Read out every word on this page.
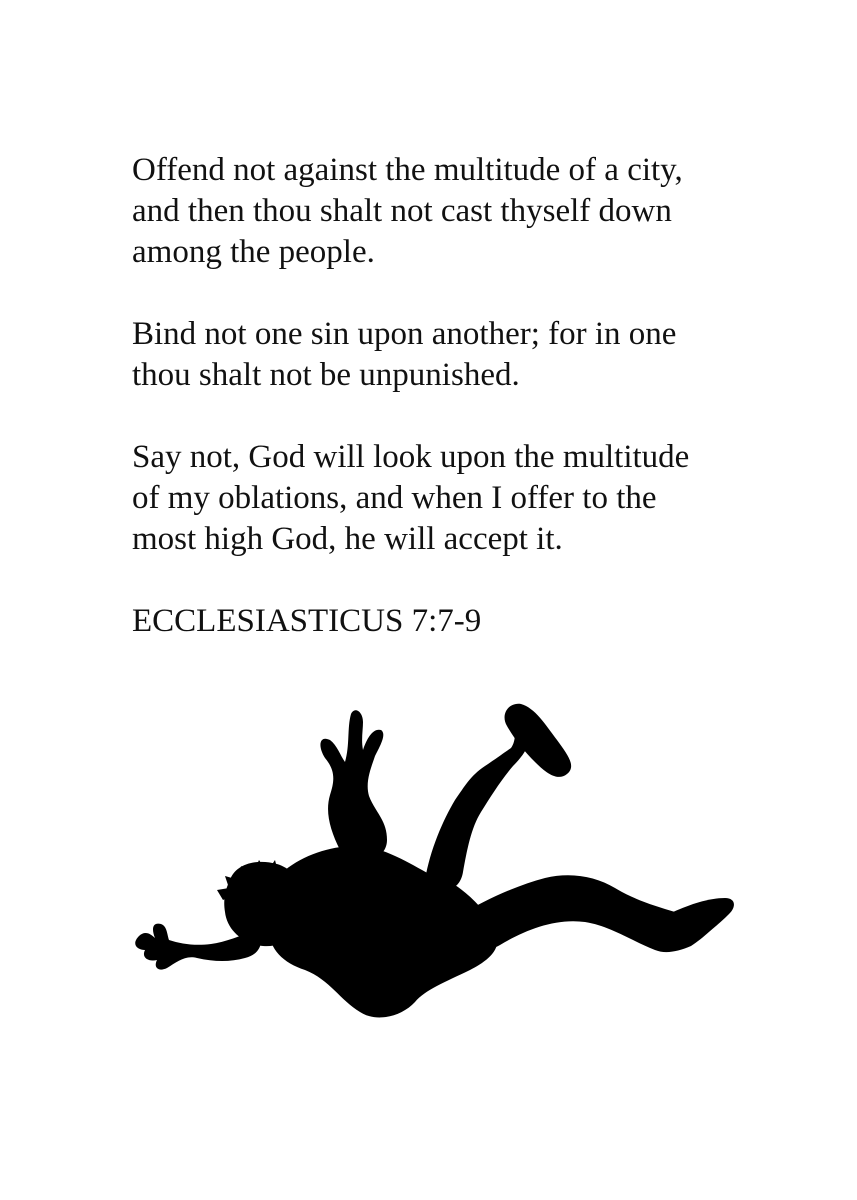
Offend not against the multitude of a city,
and then thou shalt not cast thyself down
among the people.

Bind not one sin upon another; for in one
thou shalt not be unpunished.

Say not, God will look upon the multitude
of my oblations, and when I offer to the
most high God, he will accept it.

ECCLESIASTICUS 7:7-9
